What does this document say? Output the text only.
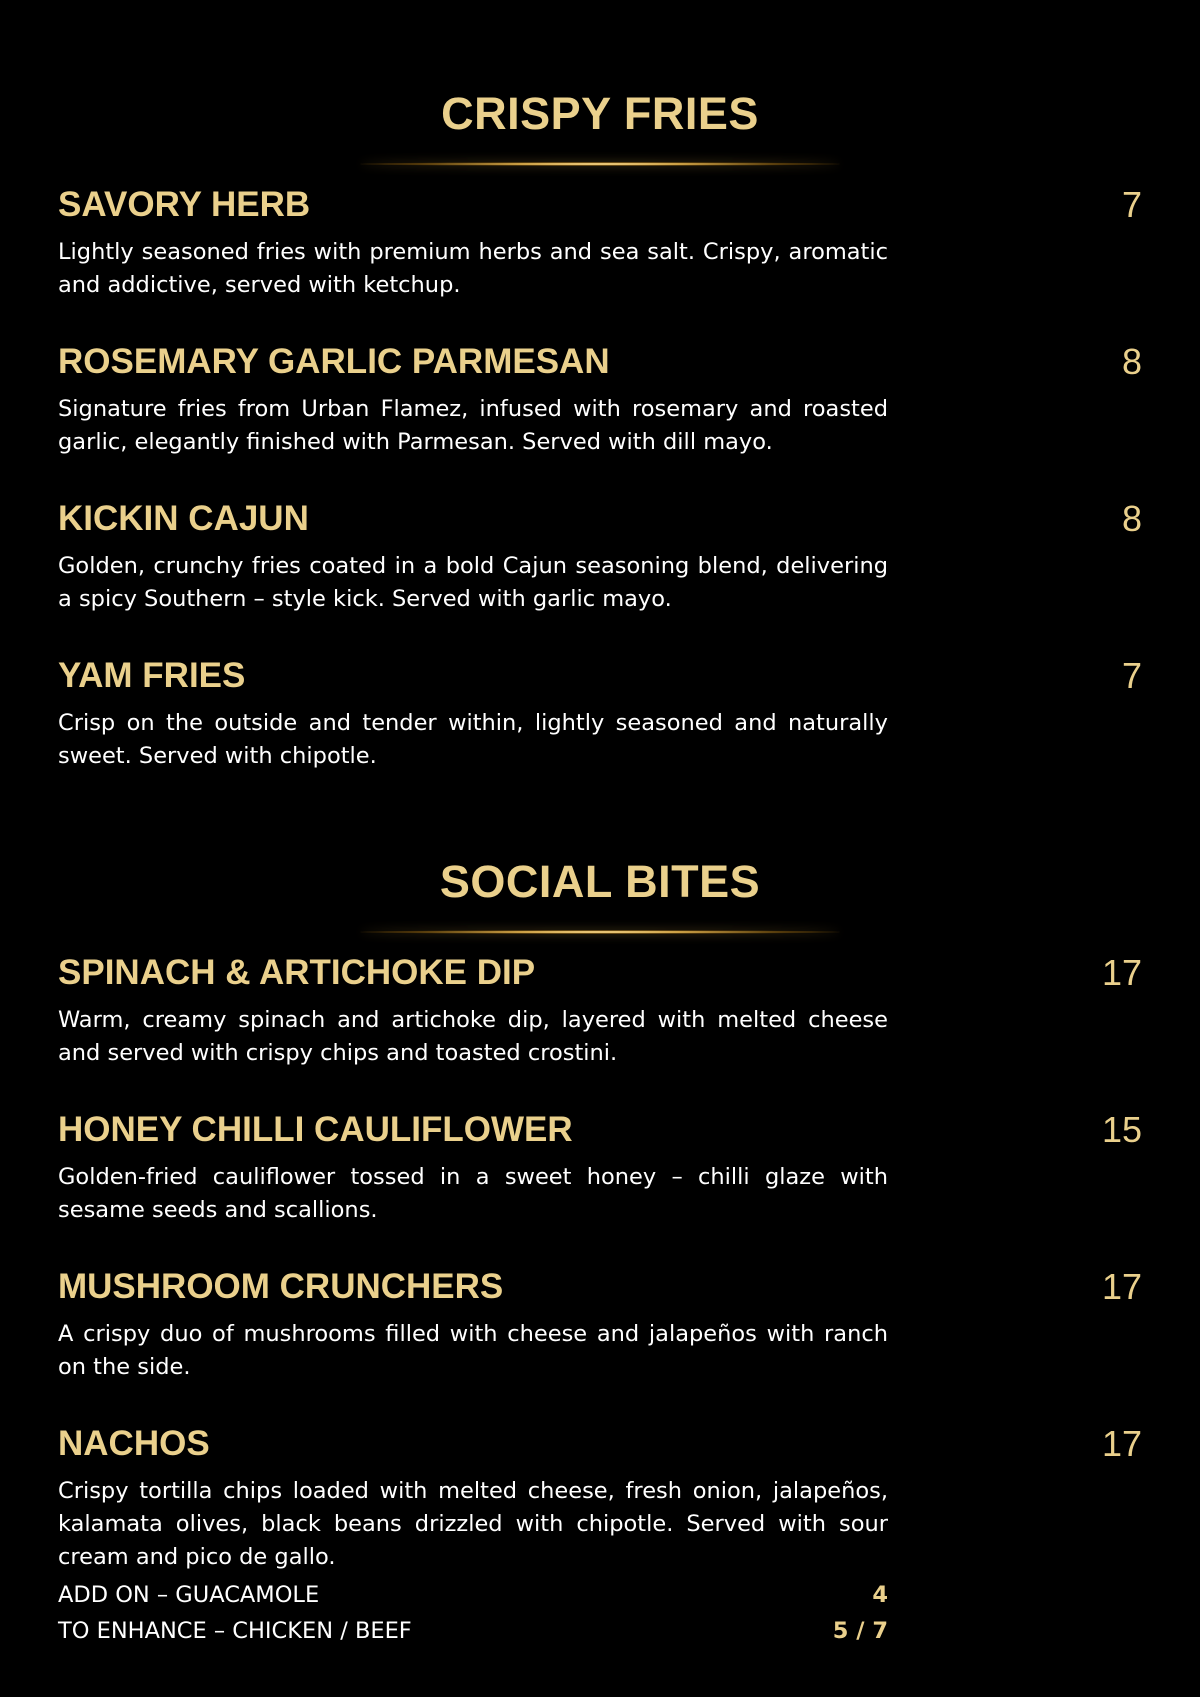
CRISPY FRIES
SAVORY HERB	7
Lightly seasoned fries with premium herbs and sea salt. Crispy, aromatic and addictive, served with ketchup.
ROSEMARY GARLIC PARMESAN	8
Signature fries from Urban Flamez, infused with rosemary and roasted garlic, elegantly finished with Parmesan. Served with dill mayo.
KICKIN CAJUN	8
Golden, crunchy fries coated in a bold Cajun seasoning blend, delivering a spicy Southern – style kick. Served with garlic mayo.
YAM FRIES	7
Crisp on the outside and tender within, lightly seasoned and naturally sweet. Served with chipotle.
SOCIAL BITES
SPINACH & ARTICHOKE DIP	17
Warm, creamy spinach and artichoke dip, layered with melted cheese and served with crispy chips and toasted crostini.
HONEY CHILLI CAULIFLOWER	15
Golden-fried cauliflower tossed in a sweet honey – chilli glaze with sesame seeds and scallions.
MUSHROOM CRUNCHERS	17
A crispy duo of mushrooms filled with cheese and jalapeños with ranch on the side.
NACHOS	17
Crispy tortilla chips loaded with melted cheese, fresh onion, jalapeños, kalamata olives, black beans drizzled with chipotle. Served with sour cream and pico de gallo.
ADD ON – GUACAMOLE	4
TO ENHANCE – CHICKEN / BEEF	5 / 7
